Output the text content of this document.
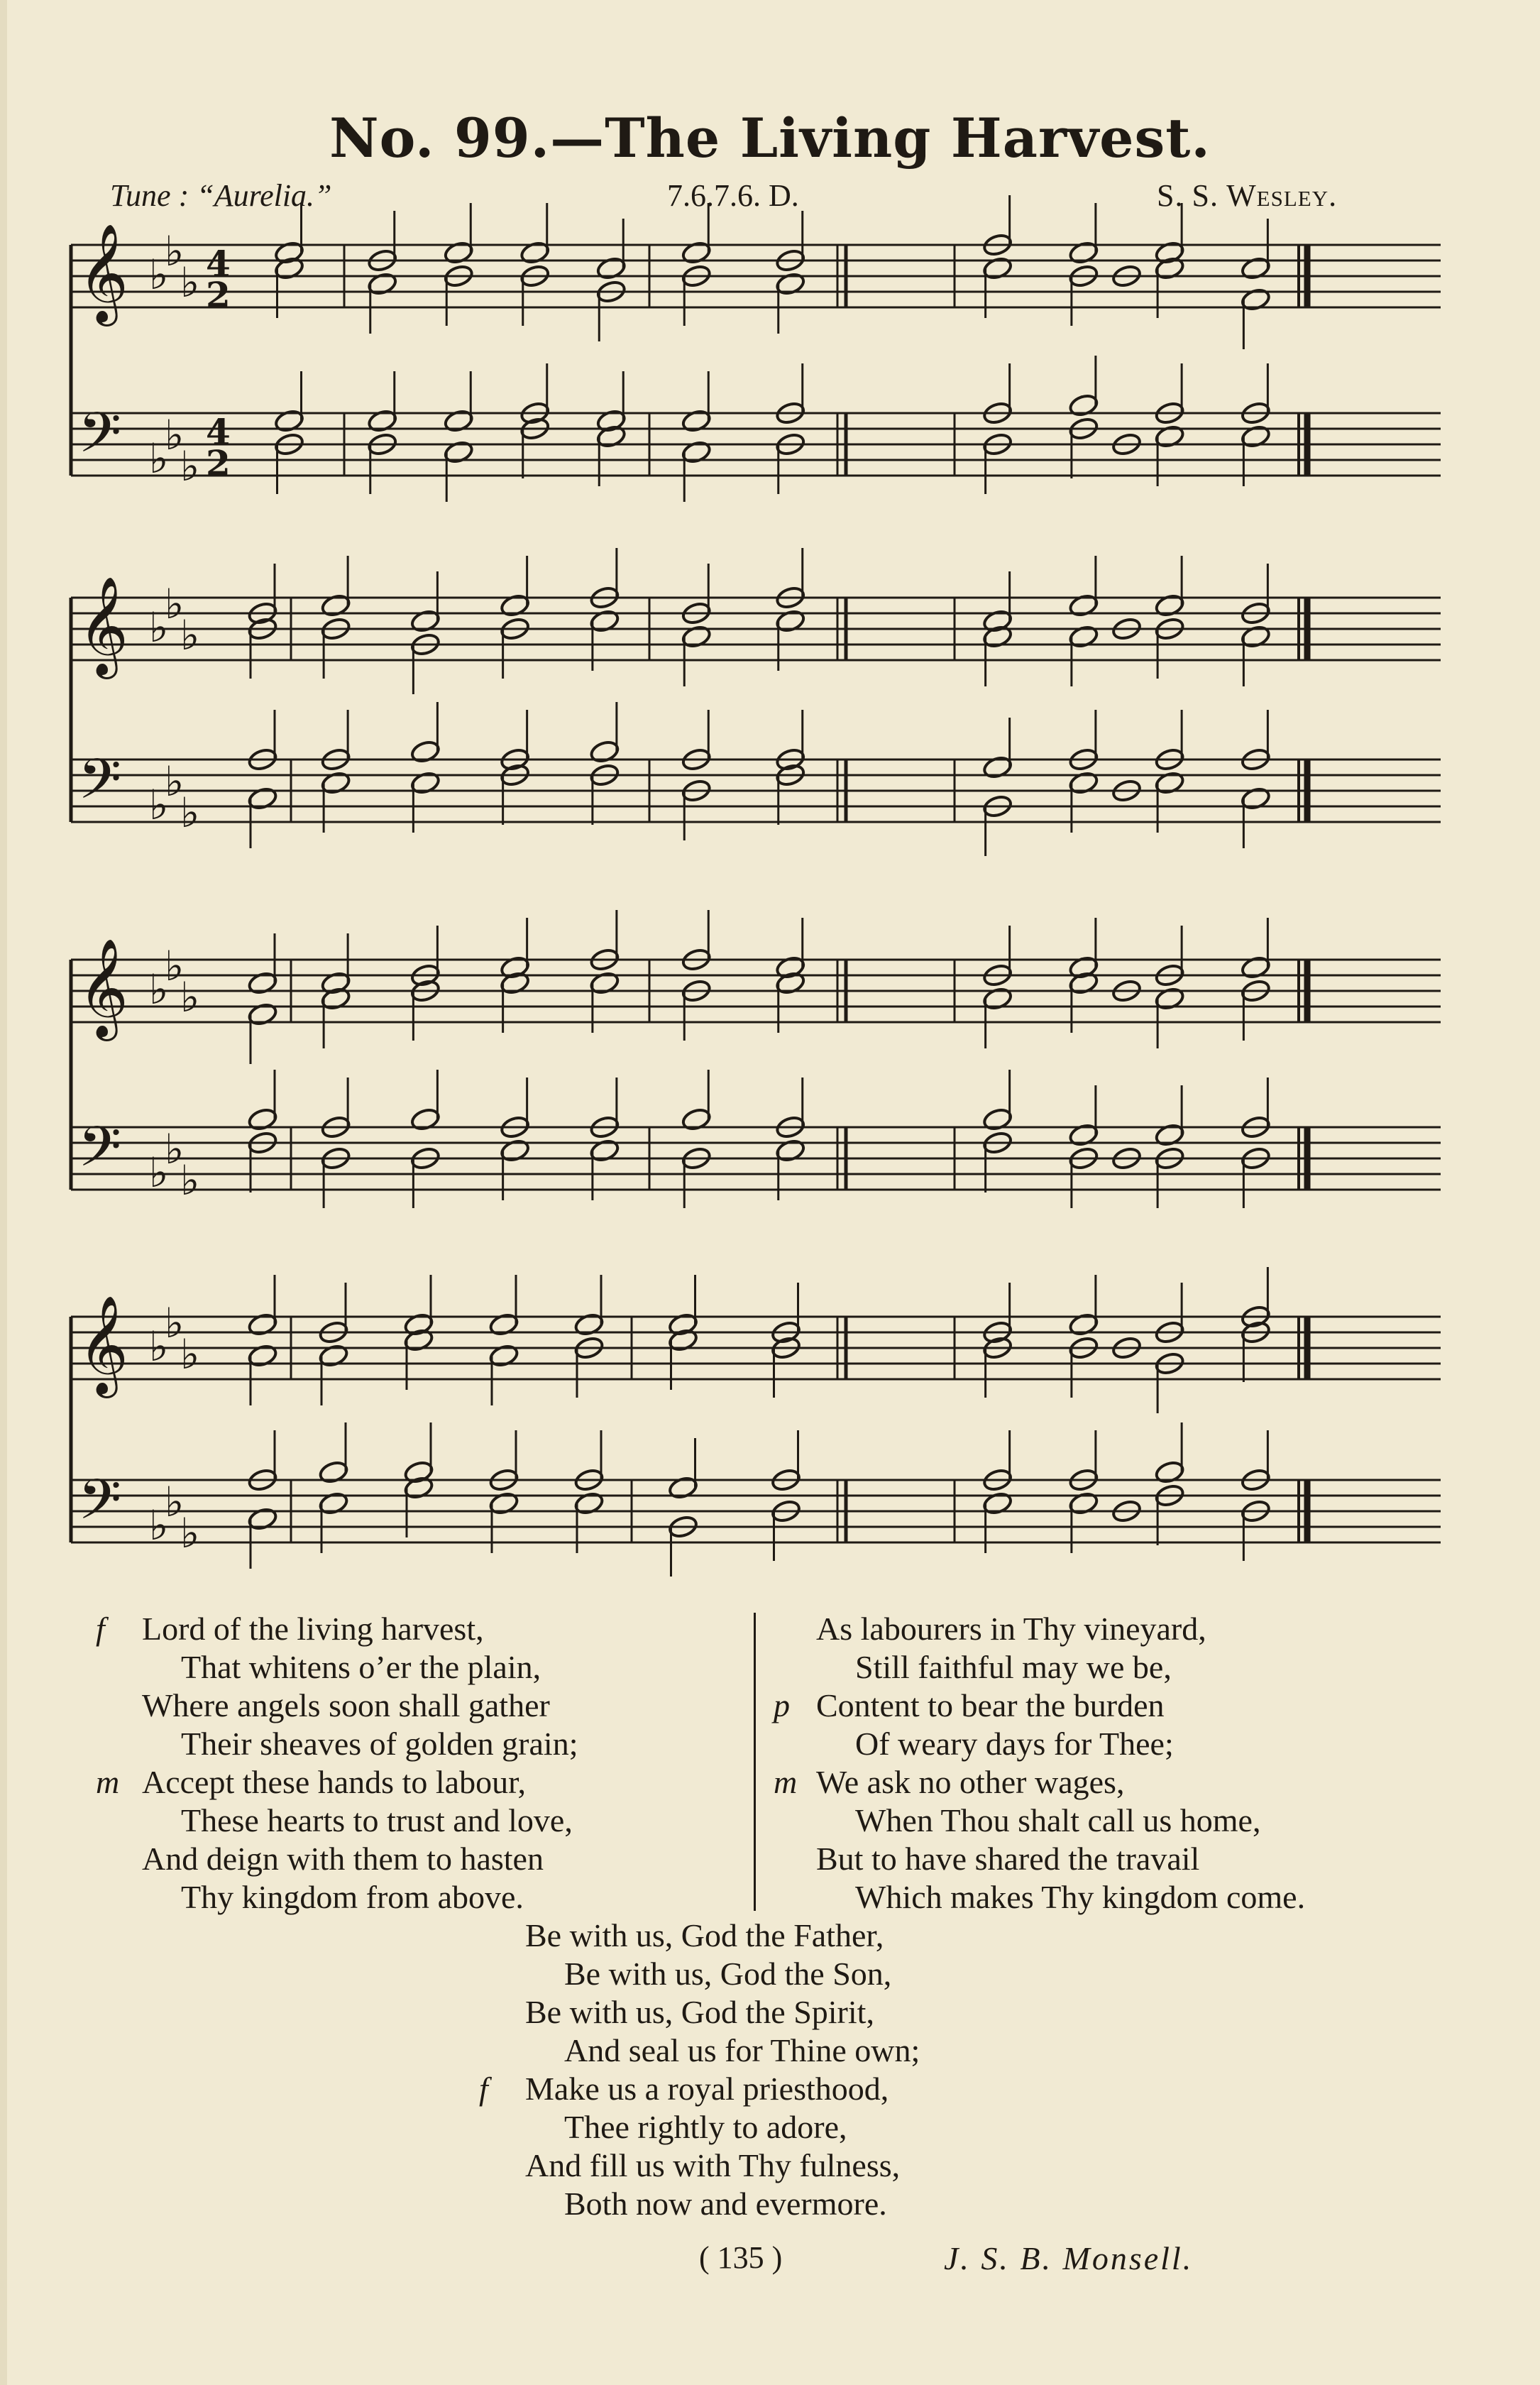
No. 99.—The Living Harvest.
Tune : “Aurelia.”	7.6.7.6. D.	S. S. Wesley.
𝄞
𝄢
♭
♭
♭
♭
♭
♭
4
2
4
2
𝄞
𝄢
♭
♭
♭
♭
♭
♭
𝄞
𝄢
♭
♭
♭
♭
♭
♭
𝄞
𝄢
♭
♭
♭
♭
♭
♭
f Lord of the living harvest,
That whitens o’er the plain,
Where angels soon shall gather
Their sheaves of golden grain;
m Accept these hands to labour,
These hearts to trust and love,
And deign with them to hasten
Thy kingdom from above.
As labourers in Thy vineyard,
Still faithful may we be,
p Content to bear the burden
Of weary days for Thee;
m We ask no other wages,
When Thou shalt call us home,
But to have shared the travail
Which makes Thy kingdom come.
Be with us, God the Father,
Be with us, God the Son,
Be with us, God the Spirit,
And seal us for Thine own;
f Make us a royal priesthood,
Thee rightly to adore,
And fill us with Thy fulness,
Both now and evermore.
( 135 )	J. S. B. Monsell.
